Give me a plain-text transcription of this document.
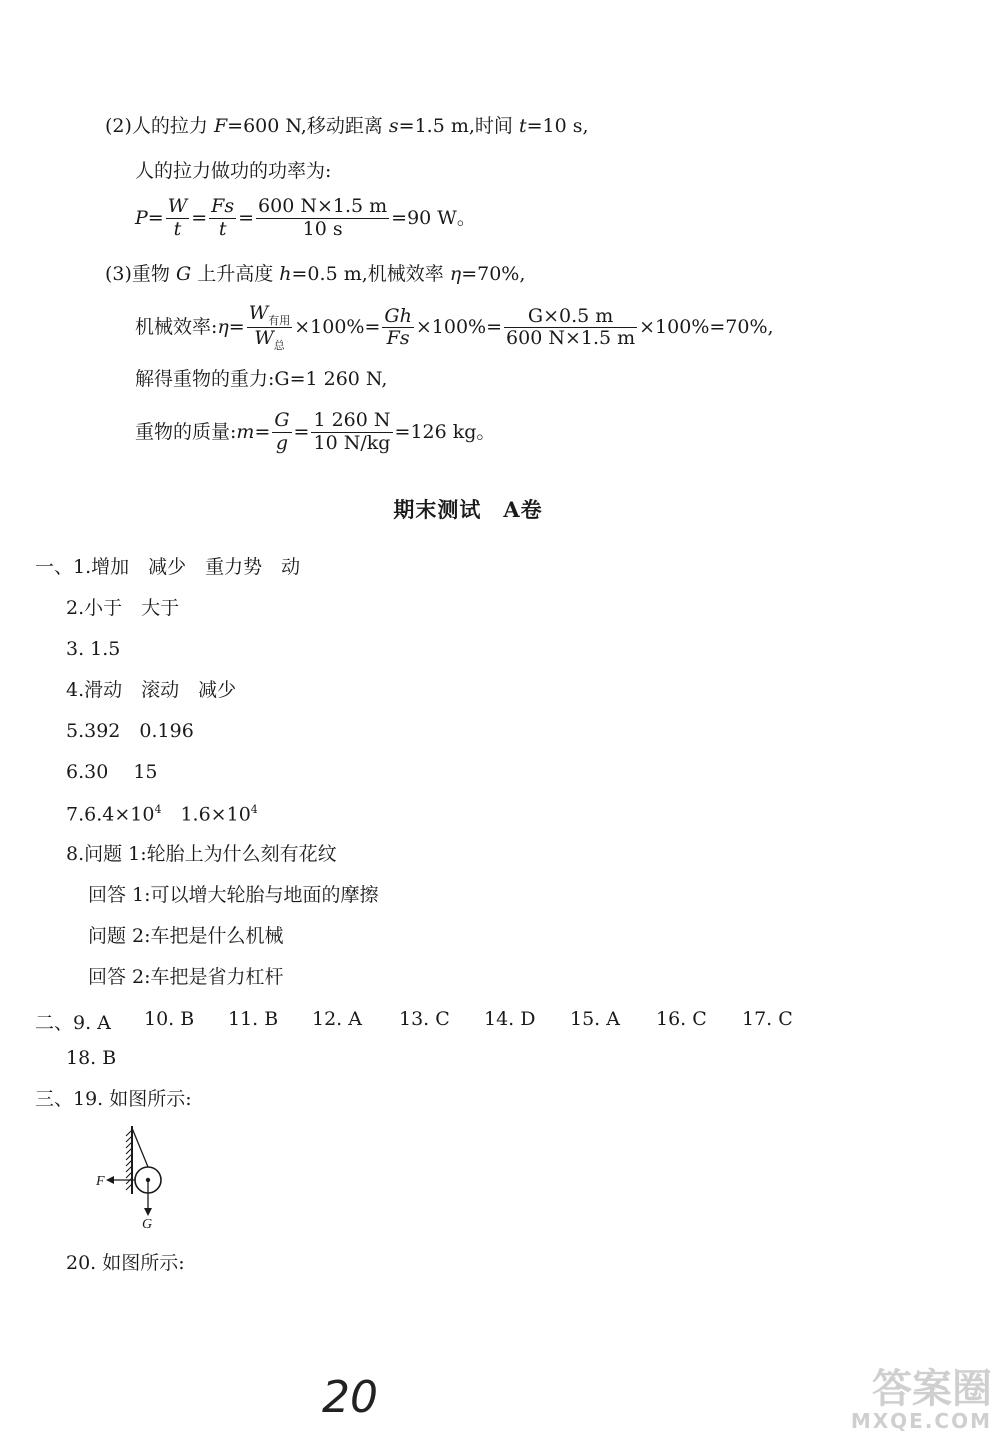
(2)人的拉力 F=600 N,移动距离 s=1.5 m,时间 t=10 s,
人的拉力做功的功率为:
$P = \frac{W}{t} = \frac{Fs}{t} = \frac{600 N\times 1.5 m}{10 s} =90$ W。
(3)重物 G 上升高度 h=0.5 m,机械效率 η=70%,
机械效率: $\eta = \frac{W_{有用}}{W_总} \times 100\%= \frac{Gh}{Fs} \times 100\%= \frac{G\times 0.5 m}{600 N\times 1.5 m} \times 100\%=70\%$,
解得重物的重力:G=1 260 N,
重物的质量: $m = \frac{G}{g} = \frac{1 260 N}{10 N/kg} =126$ kg。
期末测试　A卷
一、1.增加　减少　重力势　动
2.小于　大于
3. 1.5
4.滑动　滚动　减少
5.392　0.196
6.30　 15
$7.6.4\times 10^4$　 $1.6\times 10^4$
8.问题 1:轮胎上为什么刻有花纹
回答 1:可以增大轮胎与地面的摩擦
问题 2:车把是什么机械
回答 2:车把是省力杠杆
二、9. A 10. B 11. B 12. A 13. C 14. D 15. A 16. C 17. C
18. B
三、19. 如图所示:
F
G
20. 如图所示:
20	答案圈
MXQE.COM
